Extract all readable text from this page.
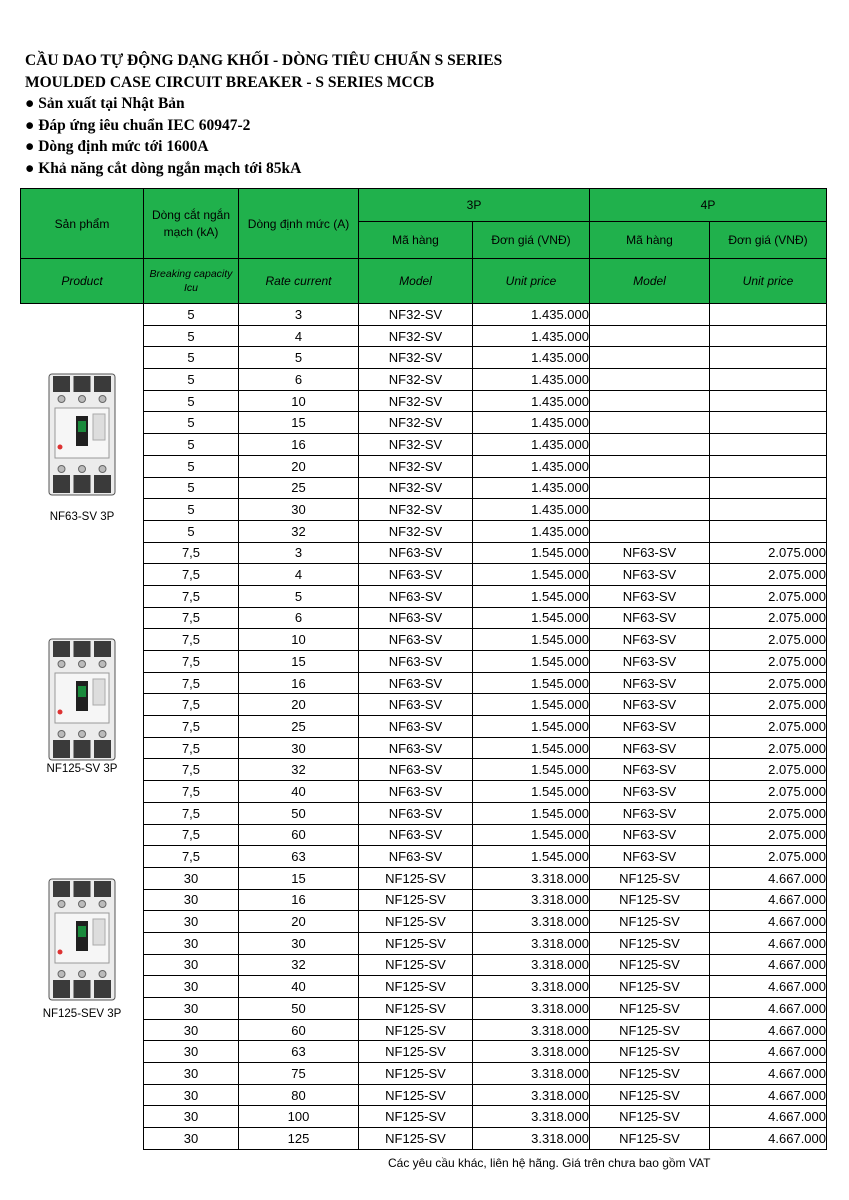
CẦU DAO TỰ ĐỘNG DẠNG KHỐI - DÒNG TIÊU CHUẨN S SERIES
MOULDED CASE CIRCUIT BREAKER - S SERIES MCCB
● Sản xuất tại Nhật Bản
● Đáp ứng iêu chuẩn IEC 60947-2
● Dòng định mức tới 1600A
● Khả năng cắt dòng ngắn mạch tới 85kA
Sản phẩm	Dòng cắt ngắn mạch (kA)	Dòng định mức (A)	3P		4P	
			Mã hàng	Đơn giá (VNĐ)	Mã hàng	Đơn giá (VNĐ)
Product	Breaking capacity Icu	Rate current	Model	Unit price	Model	Unit price

NF63-SV 3P
NF125-SV 3P
NF125-SEV 3P	5	3	NF32-SV	1.435.000		
	5	4	NF32-SV	1.435.000		
	5	5	NF32-SV	1.435.000		
	5	6	NF32-SV	1.435.000		
	5	10	NF32-SV	1.435.000		
	5	15	NF32-SV	1.435.000		
	5	16	NF32-SV	1.435.000		
	5	20	NF32-SV	1.435.000		
	5	25	NF32-SV	1.435.000		
	5	30	NF32-SV	1.435.000		
	5	32	NF32-SV	1.435.000		
	7,5	3	NF63-SV	1.545.000	NF63-SV	2.075.000
	7,5	4	NF63-SV	1.545.000	NF63-SV	2.075.000
	7,5	5	NF63-SV	1.545.000	NF63-SV	2.075.000
	7,5	6	NF63-SV	1.545.000	NF63-SV	2.075.000
	7,5	10	NF63-SV	1.545.000	NF63-SV	2.075.000
	7,5	15	NF63-SV	1.545.000	NF63-SV	2.075.000
	7,5	16	NF63-SV	1.545.000	NF63-SV	2.075.000
	7,5	20	NF63-SV	1.545.000	NF63-SV	2.075.000
	7,5	25	NF63-SV	1.545.000	NF63-SV	2.075.000
	7,5	30	NF63-SV	1.545.000	NF63-SV	2.075.000
	7,5	32	NF63-SV	1.545.000	NF63-SV	2.075.000
	7,5	40	NF63-SV	1.545.000	NF63-SV	2.075.000
	7,5	50	NF63-SV	1.545.000	NF63-SV	2.075.000
	7,5	60	NF63-SV	1.545.000	NF63-SV	2.075.000
	7,5	63	NF63-SV	1.545.000	NF63-SV	2.075.000
	30	15	NF125-SV	3.318.000	NF125-SV	4.667.000
	30	16	NF125-SV	3.318.000	NF125-SV	4.667.000
	30	20	NF125-SV	3.318.000	NF125-SV	4.667.000
	30	30	NF125-SV	3.318.000	NF125-SV	4.667.000
	30	32	NF125-SV	3.318.000	NF125-SV	4.667.000
	30	40	NF125-SV	3.318.000	NF125-SV	4.667.000
	30	50	NF125-SV	3.318.000	NF125-SV	4.667.000
	30	60	NF125-SV	3.318.000	NF125-SV	4.667.000
	30	63	NF125-SV	3.318.000	NF125-SV	4.667.000
	30	75	NF125-SV	3.318.000	NF125-SV	4.667.000
	30	80	NF125-SV	3.318.000	NF125-SV	4.667.000
	30	100	NF125-SV	3.318.000	NF125-SV	4.667.000
	30	125	NF125-SV	3.318.000	NF125-SV	4.667.000
Các yêu cầu khác, liên hệ hãng. Giá trên chưa bao gồm VAT
